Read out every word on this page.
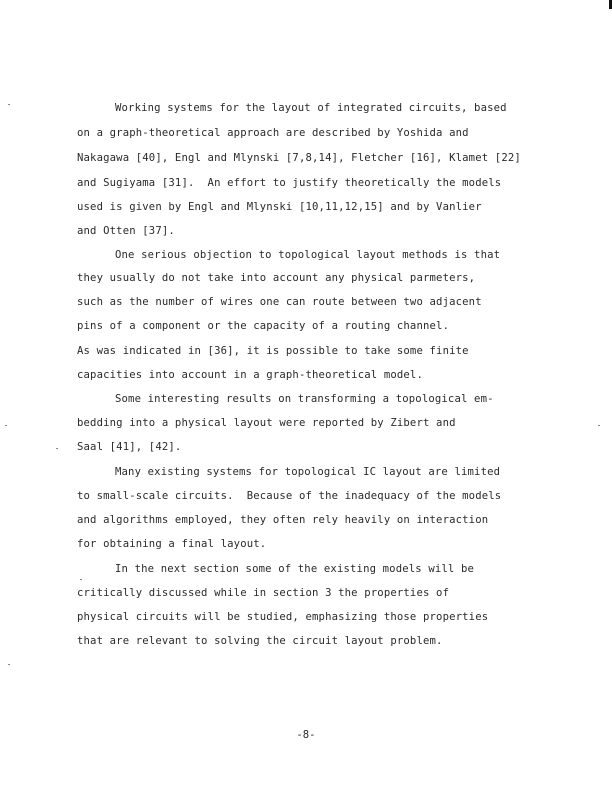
Working systems for the layout of integrated circuits, based
on a graph-theoretical approach are described by Yoshida and
Nakagawa [40], Engl and Mlynski [7,8,14], Fletcher [16], Klamet [22]
and Sugiyama [31].  An effort to justify theoretically the models
used is given by Engl and Mlynski [10,11,12,15] and by Vanlier
and Otten [37].
One serious objection to topological layout methods is that
they usually do not take into account any physical parmeters,
such as the number of wires one can route between two adjacent
pins of a component or the capacity of a routing channel.
As was indicated in [36], it is possible to take some finite
capacities into account in a graph-theoretical model.
Some interesting results on transforming a topological em-
bedding into a physical layout were reported by Zibert and
Saal [41], [42].
Many existing systems for topological IC layout are limited
to small-scale circuits.  Because of the inadequacy of the models
and algorithms employed, they often rely heavily on interaction
for obtaining a final layout.
In the next section some of the existing models will be
critically discussed while in section 3 the properties of
physical circuits will be studied, emphasizing those properties
that are relevant to solving the circuit layout problem.
-8-
